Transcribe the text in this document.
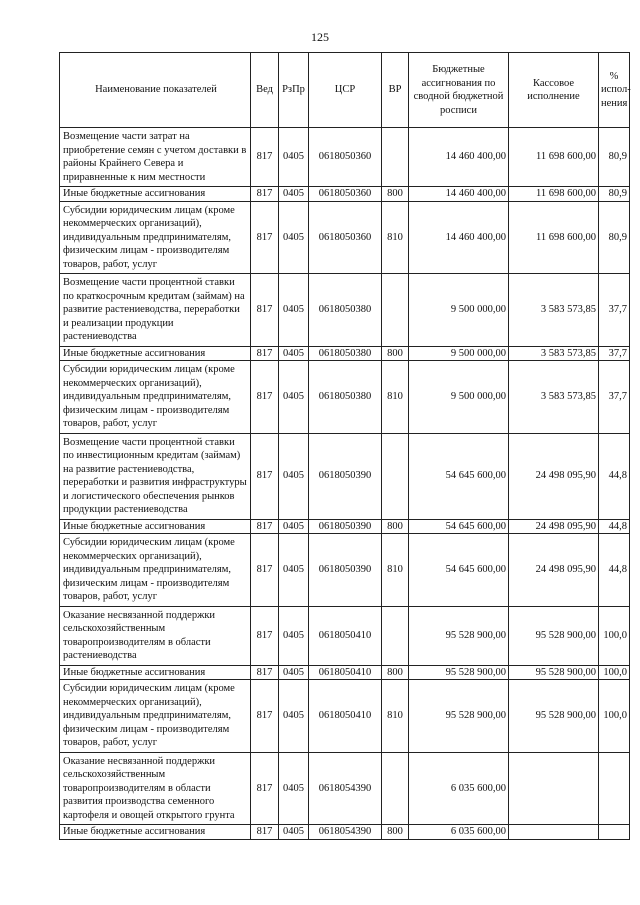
125
Наименование показателей	Вед	РзПр	ЦСР	ВР	Бюджетные ассигнования по сводной бюджетной росписи	Кассовое исполнение	% испол-нения
Возмещение части затрат на приобретение семян с учетом доставки в районы Крайнего Севера и приравненные к ним местности	817	0405	0618050360		14 460 400,00	11 698 600,00	80,9
Иные бюджетные ассигнования	817	0405	0618050360	800	14 460 400,00	11 698 600,00	80,9
Субсидии юридическим лицам (кроме некоммерческих организаций), индивидуальным предпринимателям, физическим лицам - производителям товаров, работ, услуг	817	0405	0618050360	810	14 460 400,00	11 698 600,00	80,9
Возмещение части процентной ставки по краткосрочным кредитам (займам) на развитие растениеводства, переработки и реализации продукции растениеводства	817	0405	0618050380		9 500 000,00	3 583 573,85	37,7
Иные бюджетные ассигнования	817	0405	0618050380	800	9 500 000,00	3 583 573,85	37,7
Субсидии юридическим лицам (кроме некоммерческих организаций), индивидуальным предпринимателям, физическим лицам - производителям товаров, работ, услуг	817	0405	0618050380	810	9 500 000,00	3 583 573,85	37,7
Возмещение части процентной ставки по инвестиционным кредитам (займам) на развитие растениеводства, переработки и развития инфраструктуры и логистического обеспечения рынков продукции растениеводства	817	0405	0618050390		54 645 600,00	24 498 095,90	44,8
Иные бюджетные ассигнования	817	0405	0618050390	800	54 645 600,00	24 498 095,90	44,8
Субсидии юридическим лицам (кроме некоммерческих организаций), индивидуальным предпринимателям, физическим лицам - производителям товаров, работ, услуг	817	0405	0618050390	810	54 645 600,00	24 498 095,90	44,8
Оказание несвязанной поддержки сельскохозяйственным товаропроизводителям в области растениеводства	817	0405	0618050410		95 528 900,00	95 528 900,00	100,0
Иные бюджетные ассигнования	817	0405	0618050410	800	95 528 900,00	95 528 900,00	100,0
Субсидии юридическим лицам (кроме некоммерческих организаций), индивидуальным предпринимателям, физическим лицам - производителям товаров, работ, услуг	817	0405	0618050410	810	95 528 900,00	95 528 900,00	100,0
Оказание несвязанной поддержки сельскохозяйственным товаропроизводителям в области развития производства семенного картофеля и овощей открытого грунта	817	0405	0618054390		6 035 600,00		
Иные бюджетные ассигнования	817	0405	0618054390	800	6 035 600,00		
